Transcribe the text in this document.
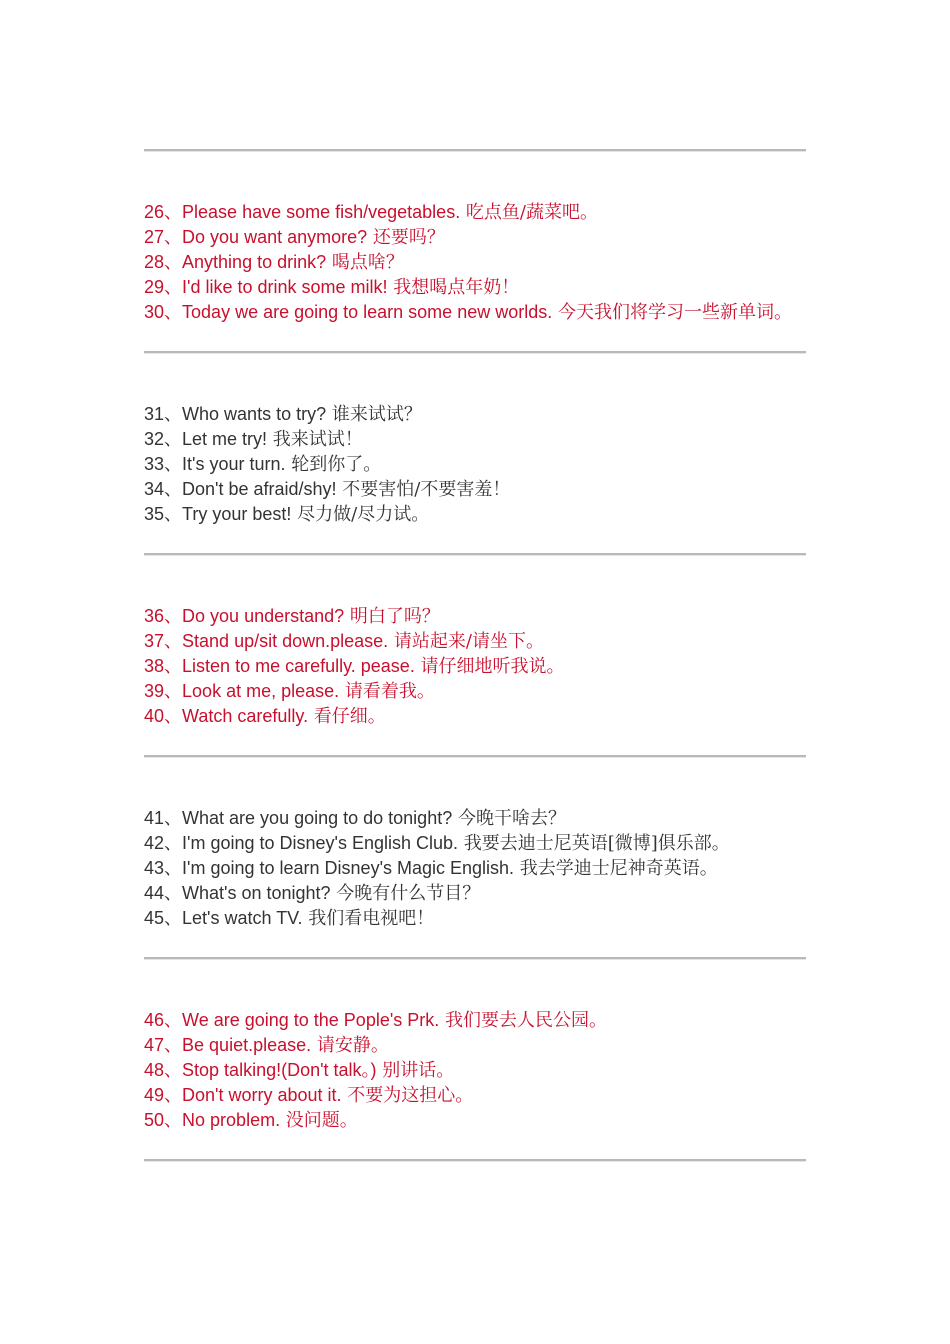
26、Please have some fish/vegetables. 吃点鱼/蔬菜吧。
27、Do you want anymore? 还要吗？
28、Anything to drink? 喝点啥？
29、I'd like to drink some milk! 我想喝点年奶！
30、Today we are going to learn some new worlds. 今天我们将学习一些新单词。
31、Who wants to try? 谁来试试？
32、Let me try! 我来试试！
33、It's your turn. 轮到你了。
34、Don't be afraid/shy! 不要害怕/不要害羞！
35、Try your best! 尽力做/尽力试。
36、Do you understand? 明白了吗？
37、Stand up/sit down.please. 请站起来/请坐下。
38、Listen to me carefully. pease. 请仔细地听我说。
39、Look at me, please. 请看着我。
40、Watch carefully. 看仔细。
41、What are you going to do tonight? 今晚干啥去？
42、I'm going to Disney's English Club. 我要去迪士尼英语[微博]俱乐部。
43、I'm going to learn Disney's Magic English. 我去学迪士尼神奇英语。
44、What's on tonight? 今晚有什么节目？
45、Let's watch TV. 我们看电视吧！
46、We are going to the Pople's Prk. 我们要去人民公园。
47、Be quiet.please. 请安静。
48、Stop talking!(Don't talk。) 别讲话。
49、Don't worry about it. 不要为这担心。
50、No problem. 没问题。
